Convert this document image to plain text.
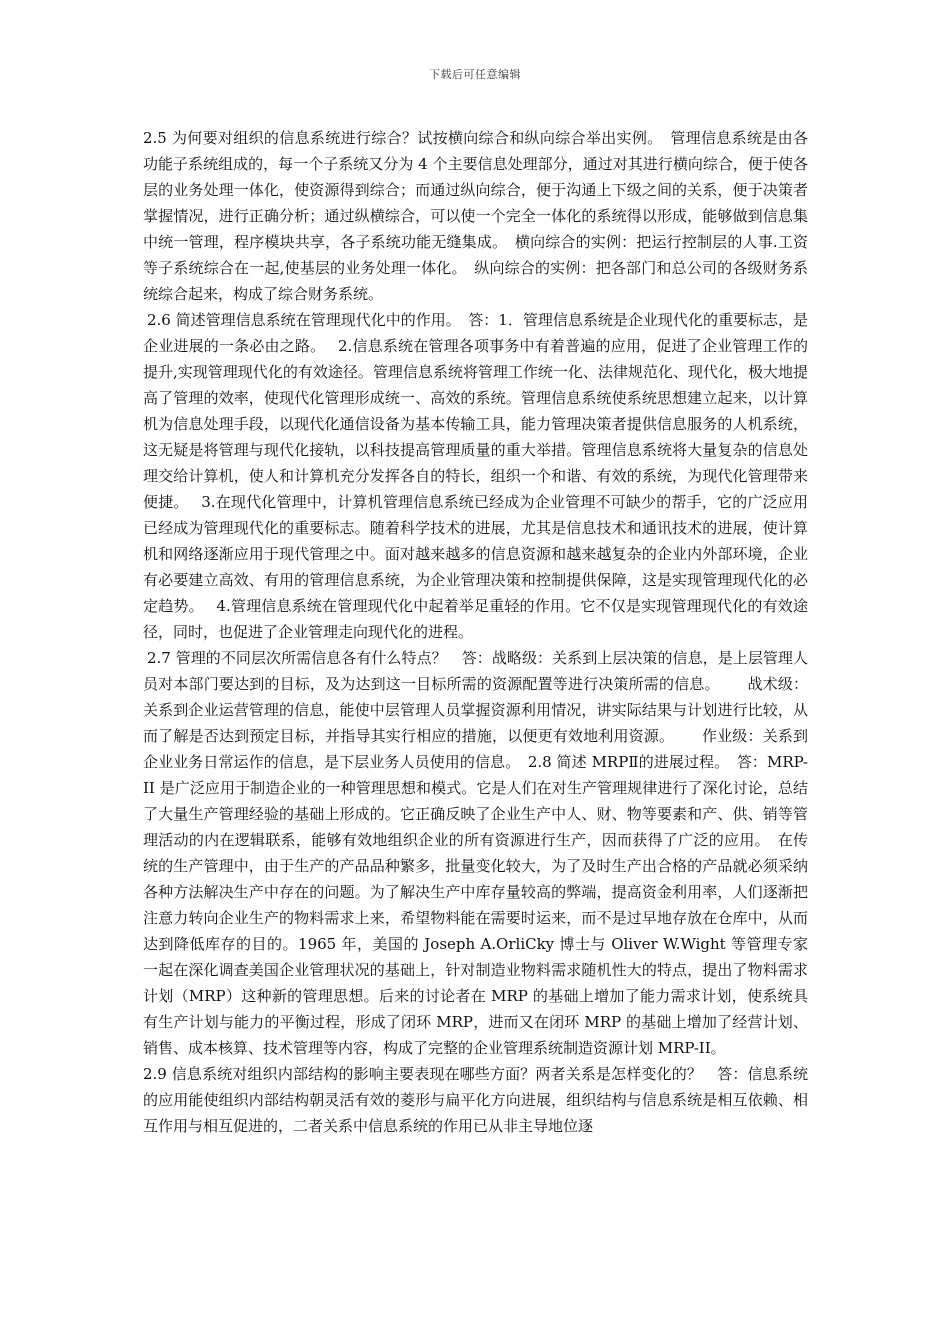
下载后可任意编辑

2.5 为何要对组织的信息系统进行综合？试按横向综合和纵向综合举出实例。　管理信息系统是由各功能子系统组成的，每一个子系统又分为 4 个主要信息处理部分，通过对其进行横向综合，便于使各层的业务处理一体化，使资源得到综合；而通过纵向综合，便于沟通上下级之间的关系，便于决策者掌握情况，进行正确分析；通过纵横综合，可以使一个完全一体化的系统得以形成，能够做到信息集中统一管理，程序模块共享，各子系统功能无缝集成。　横向综合的实例：把运行控制层的人事.工资等子系统综合在一起,使基层的业务处理一体化。　纵向综合的实例：把各部门和总公司的各级财务系统综合起来，构成了综合财务系统。

2.6 简述管理信息系统在管理现代化中的作用。　答：1．管理信息系统是企业现代化的重要标志，是企业进展的一条必由之路。　 2.信息系统在管理各项事务中有着普遍的应用，促进了企业管理工作的提升,实现管理现代化的有效途径。管理信息系统将管理工作统一化、法律规范化、现代化，极大地提高了管理的效率，使现代化管理形成统一、高效的系统。管理信息系统使系统思想建立起来，以计算机为信息处理手段，以现代化通信设备为基本传输工具，能力管理决策者提供信息服务的人机系统，这无疑是将管理与现代化接轨，以科技提高管理质量的重大举措。管理信息系统将大量复杂的信息处理交给计算机，使人和计算机充分发挥各自的特长，组织一个和谐、有效的系统，为现代化管理带来便捷。　 3.在现代化管理中，计算机管理信息系统已经成为企业管理不可缺少的帮手，它的广泛应用已经成为管理现代化的重要标志。随着科学技术的进展，尤其是信息技术和通讯技术的进展，使计算机和网络逐渐应用于现代管理之中。面对越来越多的信息资源和越来越复杂的企业内外部环境，企业有必要建立高效、有用的管理信息系统，为企业管理决策和控制提供保障，这是实现管理现代化的必定趋势。　 4.管理信息系统在管理现代化中起着举足重轻的作用。它不仅是实现管理现代化的有效途径，同时，也促进了企业管理走向现代化的进程。

2.7 管理的不同层次所需信息各有什么特点？　答：战略级：关系到上层决策的信息，是上层管理人员对本部门要达到的目标，及为达到这一目标所需的资源配置等进行决策所需的信息。　　 战术级：关系到企业运营管理的信息，能使中层管理人员掌握资源利用情况，讲实际结果与计划进行比较，从而了解是否达到预定目标，并指导其实行相应的措施，以便更有效地利用资源。　　 作业级：关系到企业业务日常运作的信息，是下层业务人员使用的信息。　2.8 简述 MRPⅡ的进展过程。　答：MRP-II 是广泛应用于制造企业的一种管理思想和模式。它是人们在对生产管理规律进行了深化讨论，总结了大量生产管理经验的基础上形成的。它正确反映了企业生产中人、财、物等要素和产、供、销等管理活动的内在逻辑联系，能够有效地组织企业的所有资源进行生产，因而获得了广泛的应用。　在传统的生产管理中，由于生产的产品品种繁多，批量变化较大，为了及时生产出合格的产品就必须采纳各种方法解决生产中存在的问题。为了解决生产中库存量较高的弊端，提高资金利用率，人们逐渐把注意力转向企业生产的物料需求上来，希望物料能在需要时运来，而不是过早地存放在仓库中，从而达到降低库存的目的。1965 年，美国的 Joseph A.OrliCky 博士与 Oliver W.Wight 等管理专家一起在深化调查美国企业管理状况的基础上，针对制造业物料需求随机性大的特点，提出了物料需求计划（MRP）这种新的管理思想。后来的讨论者在 MRP 的基础上增加了能力需求计划，使系统具有生产计划与能力的平衡过程，形成了闭环 MRP，进而又在闭环 MRP 的基础上增加了经营计划、销售、成本核算、技术管理等内容，构成了完整的企业管理系统制造资源计划 MRP-II。

2.9 信息系统对组织内部结构的影响主要表现在哪些方面？两者关系是怎样变化的？　答：信息系统的应用能使组织内部结构朝灵活有效的菱形与扁平化方向进展，组织结构与信息系统是相互依赖、相互作用与相互促进的，二者关系中信息系统的作用已从非主导地位逐
